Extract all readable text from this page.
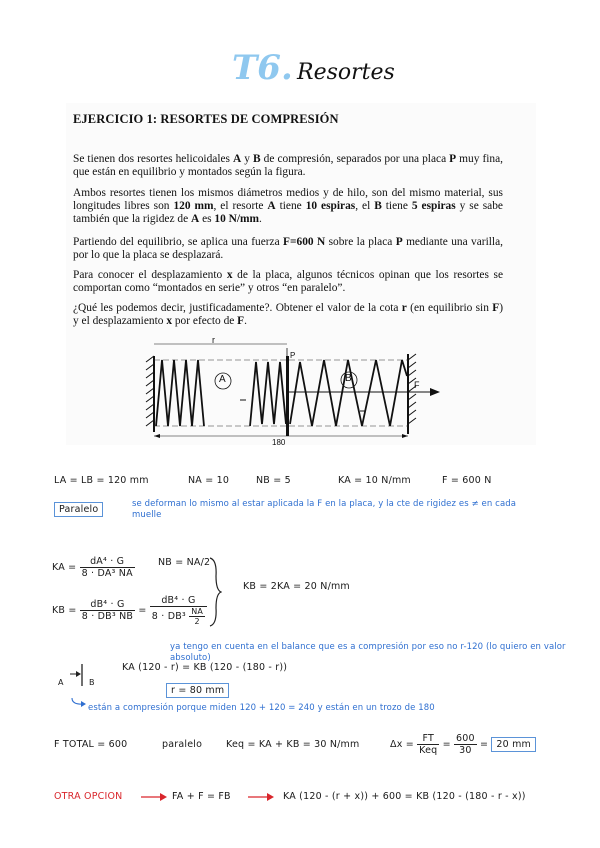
T6. Resortes
EJERCICIO 1: RESORTES DE COMPRESIÓN
Se tienen dos resortes helicoidales A y B de compresión, separados por una placa P muy fina, que están en equilibrio y montados según la figura.
Ambos resortes tienen los mismos diámetros medios y de hilo, son del mismo material, sus longitudes libres son 120 mm, el resorte A tiene 10 espiras, el B tiene 5 espiras y se sabe también que la rigidez de A es 10 N/mm.
Partiendo del equilibrio, se aplica una fuerza F=600 N sobre la placa P mediante una varilla, por lo que la placa se desplazará.
Para conocer el desplazamiento x de la placa, algunos técnicos opinan que los resortes se comportan como “montados en serie” y otros “en paralelo”.
¿Qué les podemos decir, justificadamente?. Obtener el valor de la cota r (en equilibrio sin F) y el desplazamiento x por efecto de F.
r
P
A	B
F
180
LA = LB = 120 mm	NA = 10	NB = 5	KA = 10 N/mm	F = 600 N
Paralelo	se deforman lo mismo al estar aplicada la F en la placa, y la cte de rigidez es ≠ en cada muelle
KA = $\frac{\text{dA⁴ · G}}{\text{8 · DA³ NA}}$ NB = NA/2
KB = $\frac{\text{dB⁴ · G}}{\text{8 · DB³ NB}} = \frac{\text{dB⁴ · G}}{8 \cdot DB^3 \frac{NA}{2}}$
KB = 2KA = 20 N/mm
ya tengo en cuenta en el balance que es a compresión por eso no r-120 (lo quiero en valor absoluto)
A	B
KA (120 - r) = KB (120 - (180 - r))
r = 80 mm
están a compresión porque miden 120 + 120 = 240 y están en un trozo de 180
F TOTAL = 600	paralelo	Keq = KA + KB = 30 N/mm	$\Delta x = \frac{FT}{\text{Keq}} = \frac{600}{30} = 20$ mm
OTRA OPCION	FA + F = FB	KA (120 - (r + x)) + 600 = KB (120 - (180 - r - x))
